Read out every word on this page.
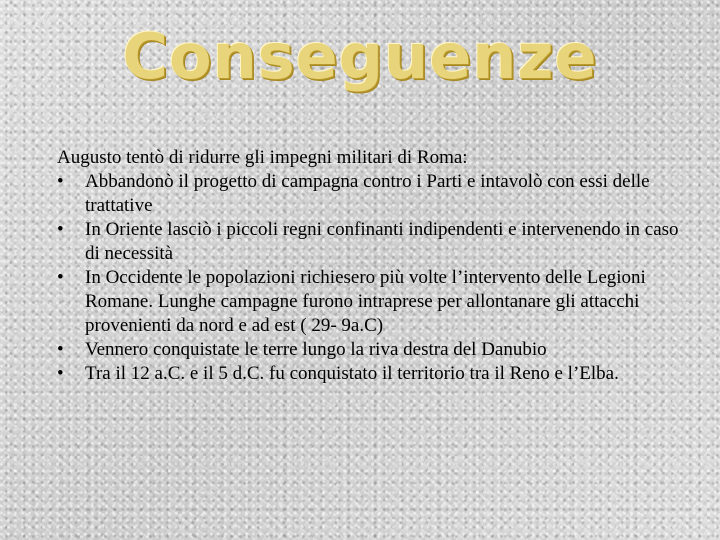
Conseguenze

Augusto tentò di ridurre gli impegni militari di Roma:

•	Abbandonò il progetto di campagna contro i Parti e intavolò con essi delle trattative
•	In Oriente lasciò i piccoli regni confinanti indipendenti e intervenendo in caso di necessità
•	In Occidente le popolazioni richiesero più volte l’intervento delle Legioni Romane. Lunghe campagne furono intraprese per allontanare gli attacchi provenienti da nord e ad est ( 29- 9a.C)
•	Vennero conquistate le terre lungo la riva destra del Danubio
•	Tra il 12 a.C. e il 5 d.C. fu conquistato il territorio tra il Reno e l’Elba.
